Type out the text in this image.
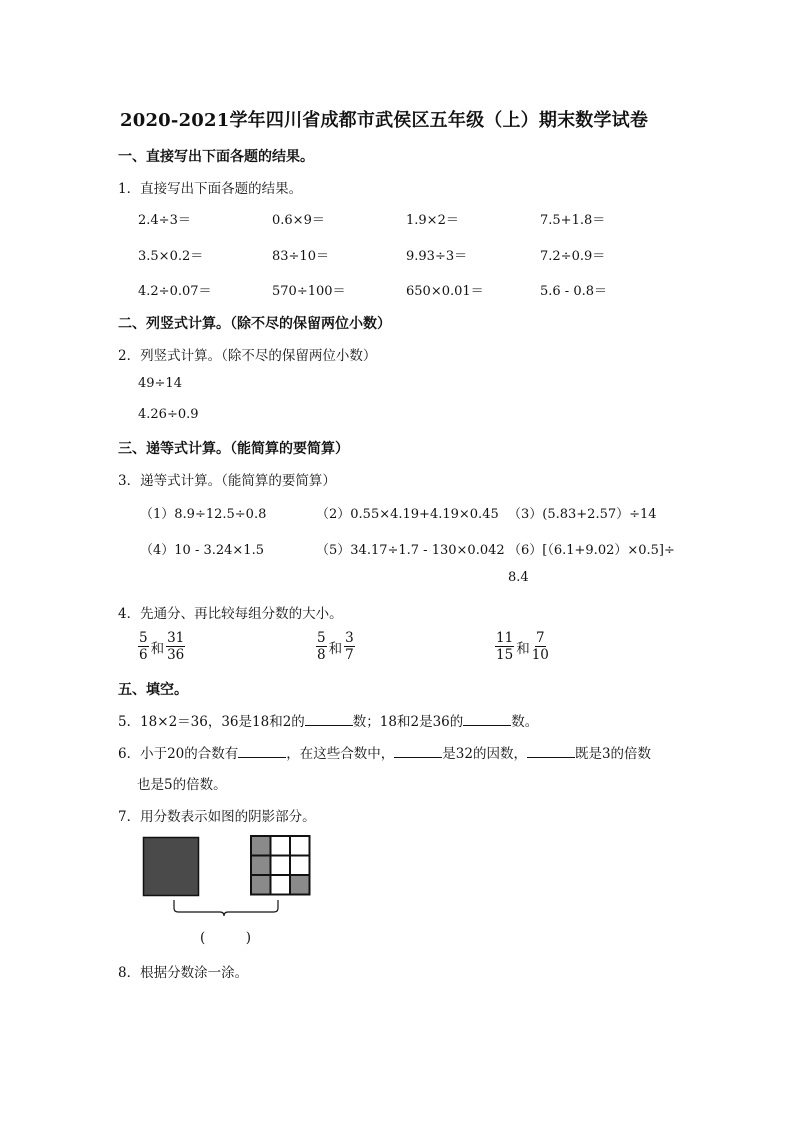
2020-2021学年四川省成都市武侯区五年级（上）期末数学试卷
一、直接写出下面各题的结果。
1．直接写出下面各题的结果。
2.4÷3＝	0.6×9＝	1.9×2＝	7.5+1.8＝
3.5×0.2＝	83÷10＝	9.93÷3＝	7.2÷0.9＝
4.2÷0.07＝	570÷100＝	650×0.01＝	5.6 - 0.8＝
二、列竖式计算。（除不尽的保留两位小数）
2．列竖式计算。（除不尽的保留两位小数）
49÷14
4.26÷0.9
三、递等式计算。（能简算的要简算）
3．递等式计算。（能简算的要简算）
（1）8.9÷12.5÷0.8	（2）0.55×4.19+4.19×0.45 （3）(5.83+2.57）÷14
（4）10 - 3.24×1.5	（5）34.17÷1.7 - 130×0.042 （6）[（6.1+9.02）×0.5]÷
8.4
4．先通分、再比较每组分数的大小。
$\frac{5}{6}$ 和 $\frac{31}{36}$	$\frac{5}{8}$ 和 $\frac{3}{7}$	$\frac{11}{15}$ 和 $\frac{7}{10}$
五、填空。
5．18×2＝36，36是18和2的	数；18和2是36的	数。
6．小于20的合数有	，在这些合数中，	是32的因数，	既是3的倍数
也是5的倍数。
7．用分数表示如图的阴影部分。
(　　　)
8．根据分数涂一涂。
